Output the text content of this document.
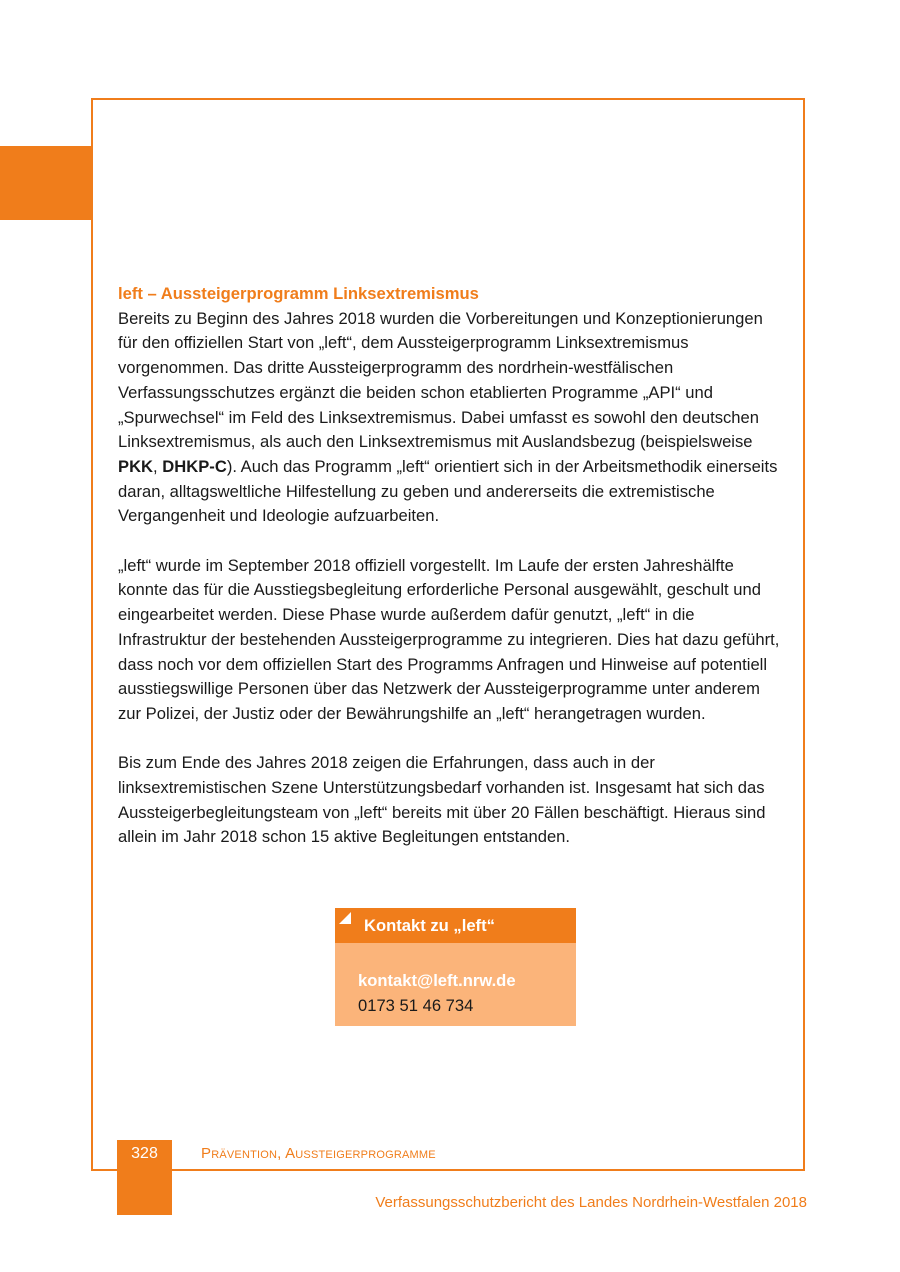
left – Aussteigerprogramm Linksextremismus

Bereits zu Beginn des Jahres 2018 wurden die Vorbereitungen und Konzeptionierungen für den offiziellen Start von „left“, dem Aussteigerprogramm Linksextremismus vorgenommen. Das dritte Aussteigerprogramm des nordrhein-westfälischen Verfassungsschutzes ergänzt die beiden schon etablierten Programme „API“ und „Spurwechsel“ im Feld des Linksextremismus. Dabei umfasst es sowohl den deutschen Linksextremismus, als auch den Linksextremismus mit Auslandsbezug (beispielsweise PKK, DHKP-C). Auch das Programm „left“ orientiert sich in der Arbeitsmethodik einerseits daran, alltagsweltliche Hilfestellung zu geben und andererseits die extremistische Vergangenheit und Ideologie aufzuarbeiten.

„left“ wurde im September 2018 offiziell vorgestellt. Im Laufe der ersten Jahreshälfte konnte das für die Ausstiegsbegleitung erforderliche Personal ausgewählt, geschult und eingearbeitet werden. Diese Phase wurde außerdem dafür genutzt, „left“ in die Infrastruktur der bestehenden Aussteigerprogramme zu integrieren. Dies hat dazu geführt, dass noch vor dem offiziellen Start des Programms Anfragen und Hinweise auf potentiell ausstiegswillige Personen über das Netzwerk der Aussteigerprogramme unter anderem zur Polizei, der Justiz oder der Bewährungshilfe an „left“ herangetragen wurden.

Bis zum Ende des Jahres 2018 zeigen die Erfahrungen, dass auch in der linksextremistischen Szene Unterstützungsbedarf vorhanden ist. Insgesamt hat sich das Aussteigerbegleitungsteam von „left“ bereits mit über 20 Fällen beschäftigt. Hieraus sind allein im Jahr 2018 schon 15 aktive Begleitungen entstanden.

Kontakt zu „left“
kontakt@left.nrw.de
0173 51 46 734
328	Prävention, Aussteigerprogramme
Verfassungsschutzbericht des Landes Nordrhein-Westfalen 2018
